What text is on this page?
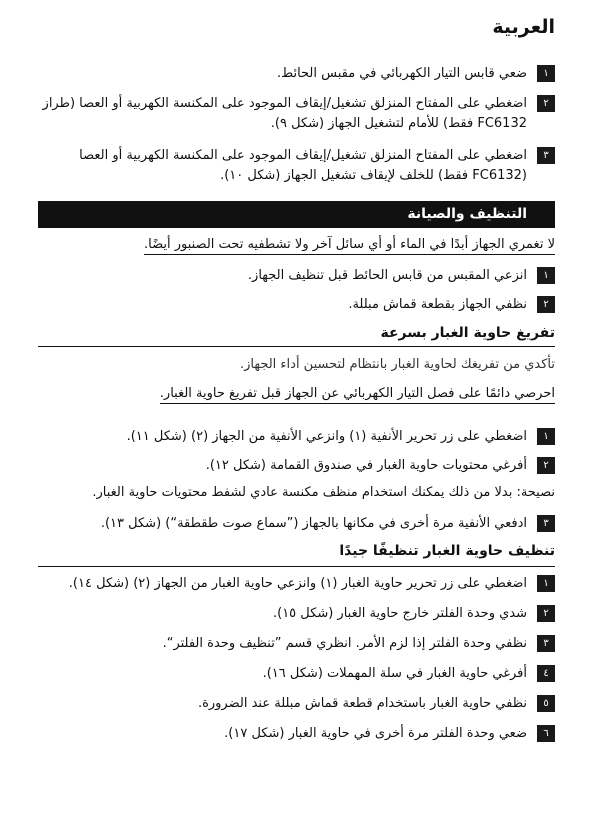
العربية
١
ضعي قابس التيار الكهربائي في مقبس الحائط.
٢
اضغطي على المفتاح المنزلق تشغيل/إيقاف الموجود على المكنسة الكهربية أو العصا (طراز FC6132 فقط) للأمام لتشغيل الجهاز (شكل ٩).
٣
اضغطي على المفتاح المنزلق تشغيل/إيقاف الموجود على المكنسة الكهربية أو العصا (FC6132 فقط) للخلف لإيقاف تشغيل الجهاز (شكل ١٠).
التنظيف والصيانة
لا تغمري الجهاز أبدًا في الماء أو أي سائل آخر ولا تشطفيه تحت الصنبور أيضًا.
١
انزعي المقبس من قابس الحائط قبل تنظيف الجهاز.
٢
نظفي الجهاز بقطعة قماش مبللة.
تفريغ حاوية الغبار بسرعة
تأكدي من تفريغك لحاوية الغبار بانتظام لتحسين أداء الجهاز.
احرصي دائمًا على فصل التيار الكهربائي عن الجهاز قبل تفريغ حاوية الغبار.
١
اضغطي على زر تحرير الأنفية (١) وانزعي الأنفية من الجهاز (٢) (شكل ١١).
٢
أفرغي محتويات حاوية الغبار في صندوق القمامة (شكل ١٢).
نصيحة: بدلا من ذلك يمكنك استخدام منظف مكنسة عادي لشفط محتويات حاوية الغبار.
٣
ادفعي الأنفية مرة أخرى في مكانها بالجهاز (”سماع صوت طقطقة“) (شكل ١٣).
تنظيف حاوية الغبار تنظيفًا جيدًا
١
اضغطي على زر تحرير حاوية الغبار (١) وانزعي حاوية الغبار من الجهاز (٢) (شكل ١٤).
٢
شدي وحدة الفلتر خارج حاوية الغبار (شكل ١٥).
٣
نظفي وحدة الفلتر إذا لزم الأمر. انظري قسم ”تنظيف وحدة الفلتر“.
٤
أفرغي حاوية الغبار في سلة المهملات (شكل ١٦).
٥
نظفي حاوية الغبار باستخدام قطعة قماش مبللة عند الضرورة.
٦
ضعي وحدة الفلتر مرة أخرى في حاوية الغبار (شكل ١٧).
